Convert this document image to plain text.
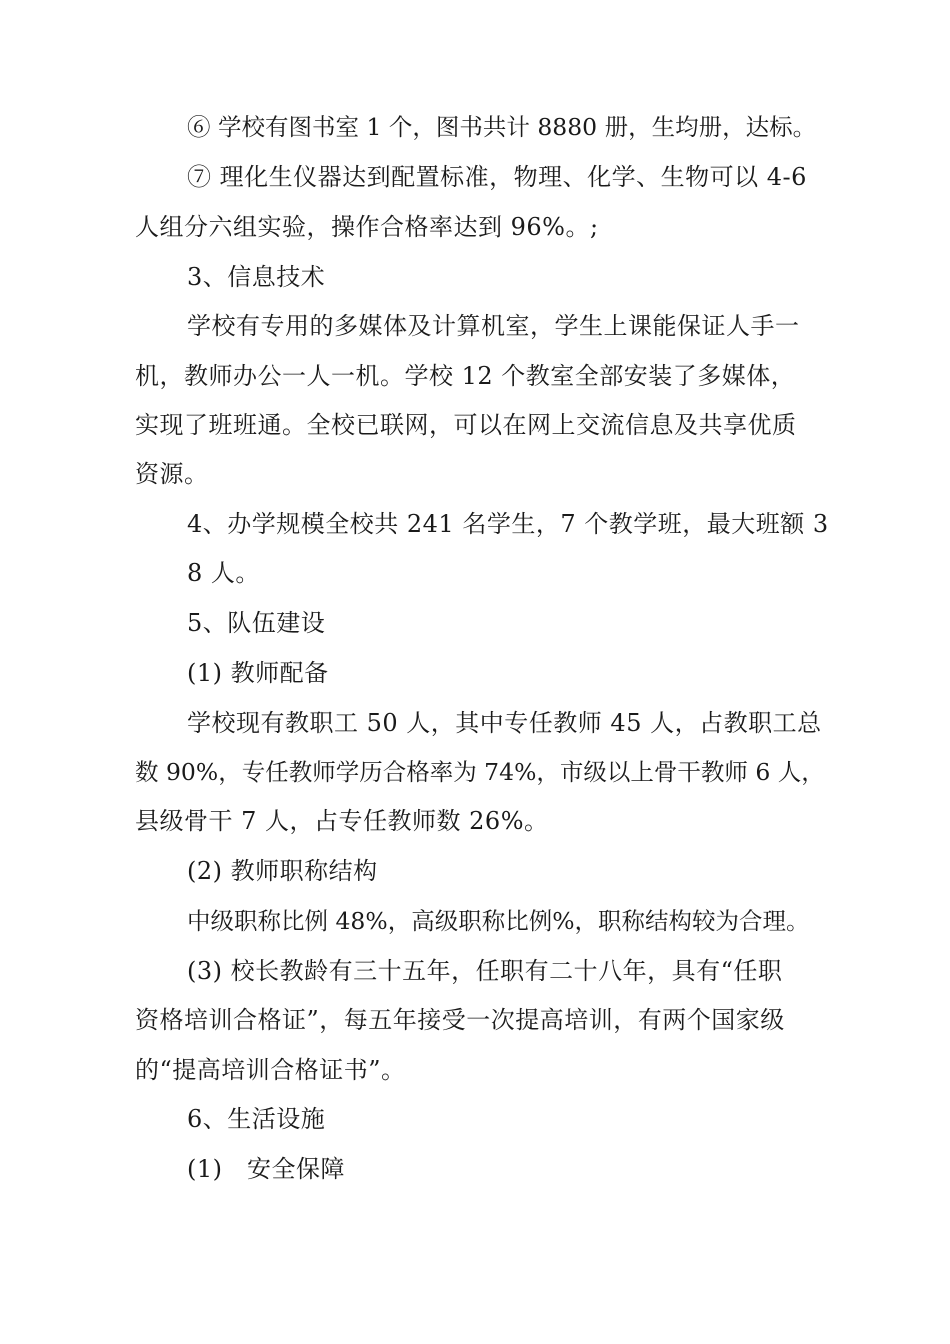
⑥ 学校有图书室 1 个，图书共计 8880 册，生均册，达标。
⑦ 理化生仪器达到配置标准，物理、化学、生物可以 4-6
人组分六组实验，操作合格率达到 96%。;
3、信息技术
学校有专用的多媒体及计算机室，学生上课能保证人手一
机，教师办公一人一机。学校 12 个教室全部安装了多媒体，
实现了班班通。全校已联网，可以在网上交流信息及共享优质
资源。
4、办学规模全校共 241 名学生，7 个教学班，最大班额 3
8 人。
5、队伍建设
(1) 教师配备
学校现有教职工 50 人，其中专任教师 45 人，占教职工总
数 90%，专任教师学历合格率为 74%，市级以上骨干教师 6 人，
县级骨干 7 人，占专任教师数 26%。
(2) 教师职称结构
中级职称比例 48%，高级职称比例%，职称结构较为合理。
(3) 校长教龄有三十五年，任职有二十八年，具有“任职
资格培训合格证”，每五年接受一次提高培训，有两个国家级
的“提高培训合格证书”。
6、生活设施
(1)　安全保障
